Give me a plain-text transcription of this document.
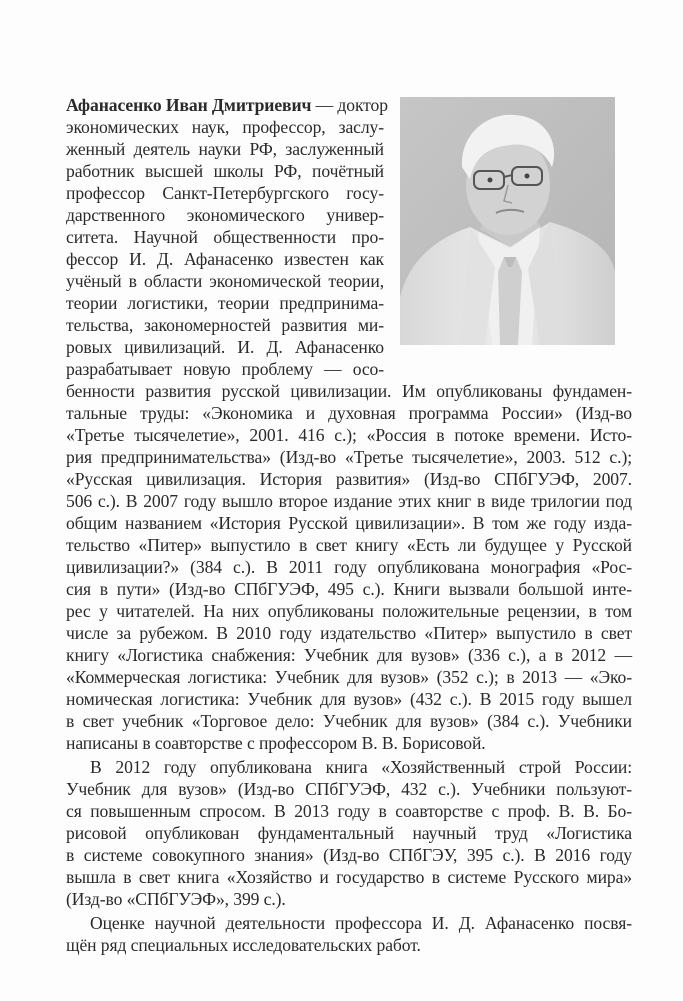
Афанасенко Иван Дмитриевич — доктор
экономических наук, профессор, заслу-
женный деятель науки РФ, заслуженный
работник высшей школы РФ, почётный
профессор Санкт-Петербургского госу-
дарственного экономического универ-
ситета. Научной общественности про-
фессор И. Д. Афанасенко известен как
учёный в области экономической теории,
теории логистики, теории предпринима-
тельства, закономерностей развития ми-
ровых цивилизаций. И. Д. Афанасенко
разрабатывает новую проблему — осо-
бенности развития русской цивилизации. Им опубликованы фундамен-
тальные труды: «Экономика и духовная программа России» (Изд-во
«Третье тысячелетие», 2001. 416 с.); «Россия в потоке времени. Исто-
рия предпринимательства» (Изд-во «Третье тысячелетие», 2003. 512 с.);
«Русская цивилизация. История развития» (Изд-во СПбГУЭФ, 2007.
506 с.). В 2007 году вышло второе издание этих книг в виде трилогии под
общим названием «История Русской цивилизации». В том же году изда-
тельство «Питер» выпустило в свет книгу «Есть ли будущее у Русской
цивилизации?» (384 с.). В 2011 году опубликована монография «Рос-
сия в пути» (Изд-во СПбГУЭФ, 495 с.). Книги вызвали большой инте-
рес у читателей. На них опубликованы положительные рецензии, в том
числе за рубежом. В 2010 году издательство «Питер» выпустило в свет
книгу «Логистика снабжения: Учебник для вузов» (336 с.), а в 2012 —
«Коммерческая логистика: Учебник для вузов» (352 с.); в 2013 — «Эко-
номическая логистика: Учебник для вузов» (432 с.). В 2015 году вышел
в свет учебник «Торговое дело: Учебник для вузов» (384 с.). Учебники
написаны в соавторстве с профессором В. В. Борисовой.
В 2012 году опубликована книга «Хозяйственный строй России:
Учебник для вузов» (Изд-во СПбГУЭФ, 432 с.). Учебники пользуют-
ся повышенным спросом. В 2013 году в соавторстве с проф. В. В. Бо-
рисовой опубликован фундаментальный научный труд «Логистика
в системе совокупного знания» (Изд-во СПбГЭУ, 395 с.). В 2016 году
вышла в свет книга «Хозяйство и государство в системе Русского мира»
(Изд-во «СПбГУЭФ», 399 с.).
Оценке научной деятельности профессора И. Д. Афанасенко посвя-
щён ряд специальных исследовательских работ.
